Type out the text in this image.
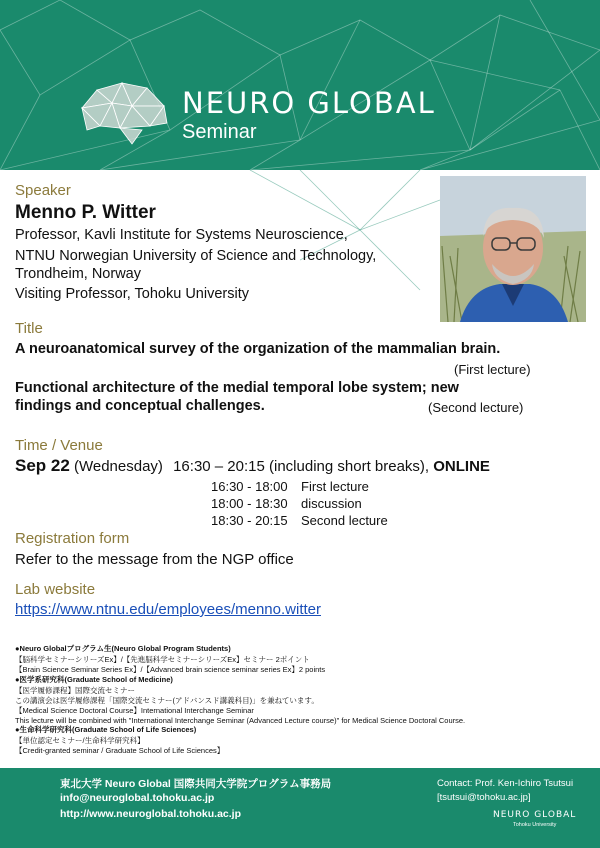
NEURO GLOBAL
Seminar
Speaker
Menno P. Witter
Professor, Kavli Institute for Systems Neuroscience,
NTNU Norwegian University of Science and Technology,
Trondheim, Norway
Visiting Professor, Tohoku University
Title
A neuroanatomical survey of the organization of the mammalian brain.
(First lecture)
Functional architecture of the medial temporal lobe system; new
findings and conceptual challenges.	(Second lecture)
Time / Venue
Sep 22 (Wednesday) 16:30 – 20:15 (including short breaks), ONLINE
16:30 - 18:00 First lecture
18:00 - 18:30 discussion
18:30 - 20:15 Second lecture
Registration form
Refer to the message from the NGP office
Lab website
https://www.ntnu.edu/employees/menno.witter
●Neuro Globalプログラム生(Neuro Global Program Students)
【脳科学セミナーシリーズEx】/【先進脳科学セミナーシリーズEx】セミナー 2ポイント
【Brain Science Seminar Series Ex】/【Advanced brain science seminar series Ex】2 points
●医学系研究科(Graduate School of Medicine)
【医学履修課程】国際交流セミナー
この講演会は医学履修課程「国際交流セミナー(アドバンスド講義科目)」を兼ねています。
【Medical Science Doctoral Course】International Interchange Seminar
This lecture will be combined with "International Interchange Seminar (Advanced Lecture course)" for Medical Science Doctoral Course.
●生命科学研究科(Graduate School of Life Sciences)
【単位認定セミナー/生命科学研究科】
【Credit-granted seminar / Graduate School of Life Sciences】
東北大学 Neuro Global 国際共同大学院プログラム事務局
info@neuroglobal.tohoku.ac.jp
http://www.neuroglobal.tohoku.ac.jp
Contact: Prof. Ken-Ichiro Tsutsui
[tsutsui@tohoku.ac.jp]
NEURO GLOBAL
Tohoku University
